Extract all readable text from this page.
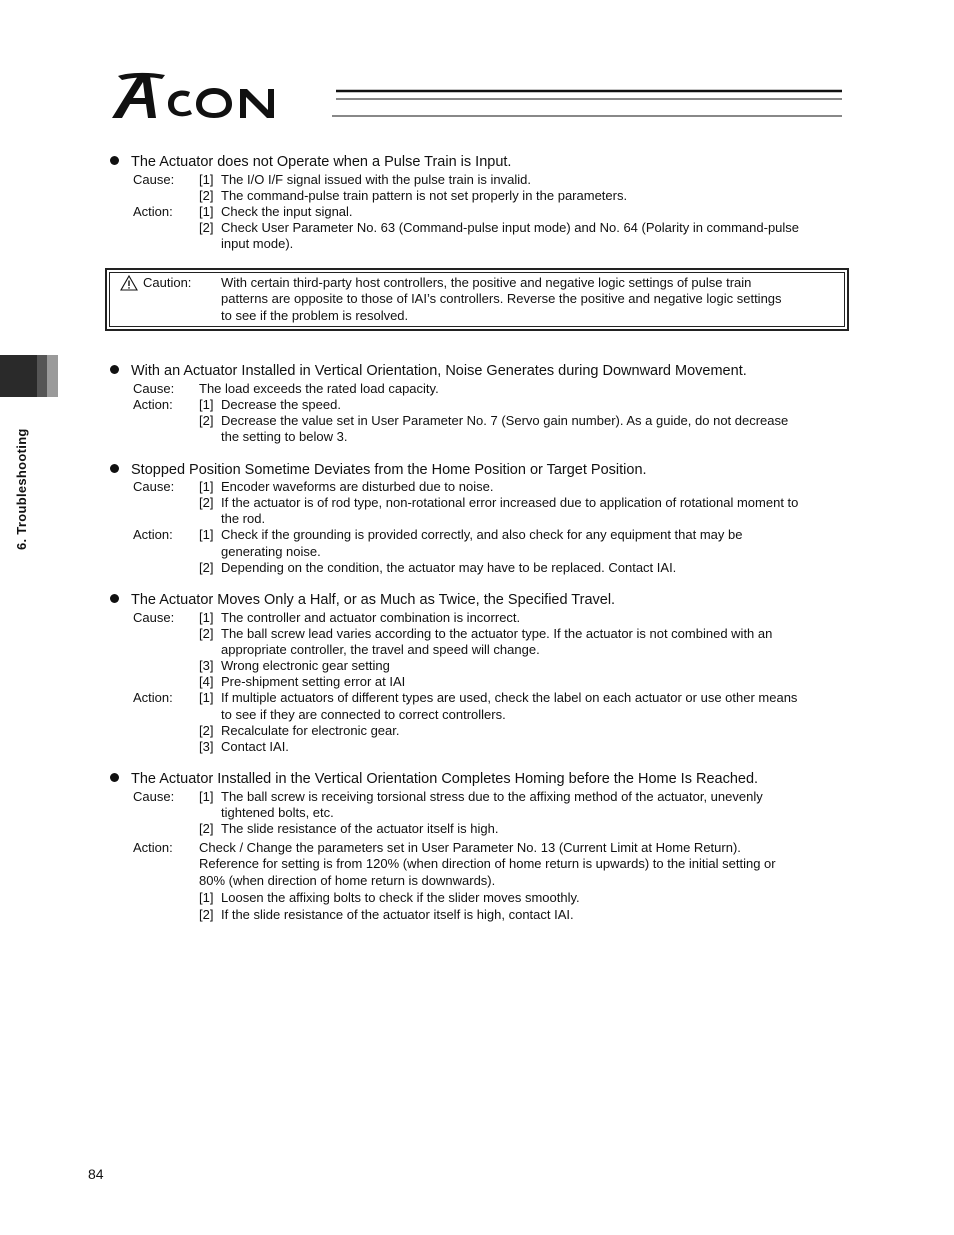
6. Troubleshooting
The Actuator does not Operate when a Pulse Train is Input.
Cause: [1] The I/O I/F signal issued with the pulse train is invalid.
[2] The command-pulse train pattern is not set properly in the parameters.
Action: [1] Check the input signal.
[2] Check User Parameter No. 63 (Command-pulse input mode) and No. 64 (Polarity in command-pulse
input mode).
Caution: With certain third-party host controllers, the positive and negative logic settings of pulse train
patterns are opposite to those of IAI’s controllers. Reverse the positive and negative logic settings
to see if the problem is resolved.
With an Actuator Installed in Vertical Orientation, Noise Generates during Downward Movement.
Cause: The load exceeds the rated load capacity.
Action: [1] Decrease the speed.
[2] Decrease the value set in User Parameter No. 7 (Servo gain number). As a guide, do not decrease
the setting to below 3.
Stopped Position Sometime Deviates from the Home Position or Target Position.
Cause: [1] Encoder waveforms are disturbed due to noise.
[2] If the actuator is of rod type, non-rotational error increased due to application of rotational moment to
the rod.
Action: [1] Check if the grounding is provided correctly, and also check for any equipment that may be
generating noise.
[2] Depending on the condition, the actuator may have to be replaced. Contact IAI.
The Actuator Moves Only a Half, or as Much as Twice, the Specified Travel.
Cause: [1] The controller and actuator combination is incorrect.
[2] The ball screw lead varies according to the actuator type. If the actuator is not combined with an
appropriate controller, the travel and speed will change.
[3] Wrong electronic gear setting
[4] Pre-shipment setting error at IAI
Action: [1] If multiple actuators of different types are used, check the label on each actuator or use other means
to see if they are connected to correct controllers.
[2] Recalculate for electronic gear.
[3] Contact IAI.
The Actuator Installed in the Vertical Orientation Completes Homing before the Home Is Reached.
Cause: [1] The ball screw is receiving torsional stress due to the affixing method of the actuator, unevenly
tightened bolts, etc.
[2] The slide resistance of the actuator itself is high.
Action: Check / Change the parameters set in User Parameter No. 13 (Current Limit at Home Return).
Reference for setting is from 120% (when direction of home return is upwards) to the initial setting or
80% (when direction of home return is downwards).
[1] Loosen the affixing bolts to check if the slider moves smoothly.
[2] If the slide resistance of the actuator itself is high, contact IAI.
84
